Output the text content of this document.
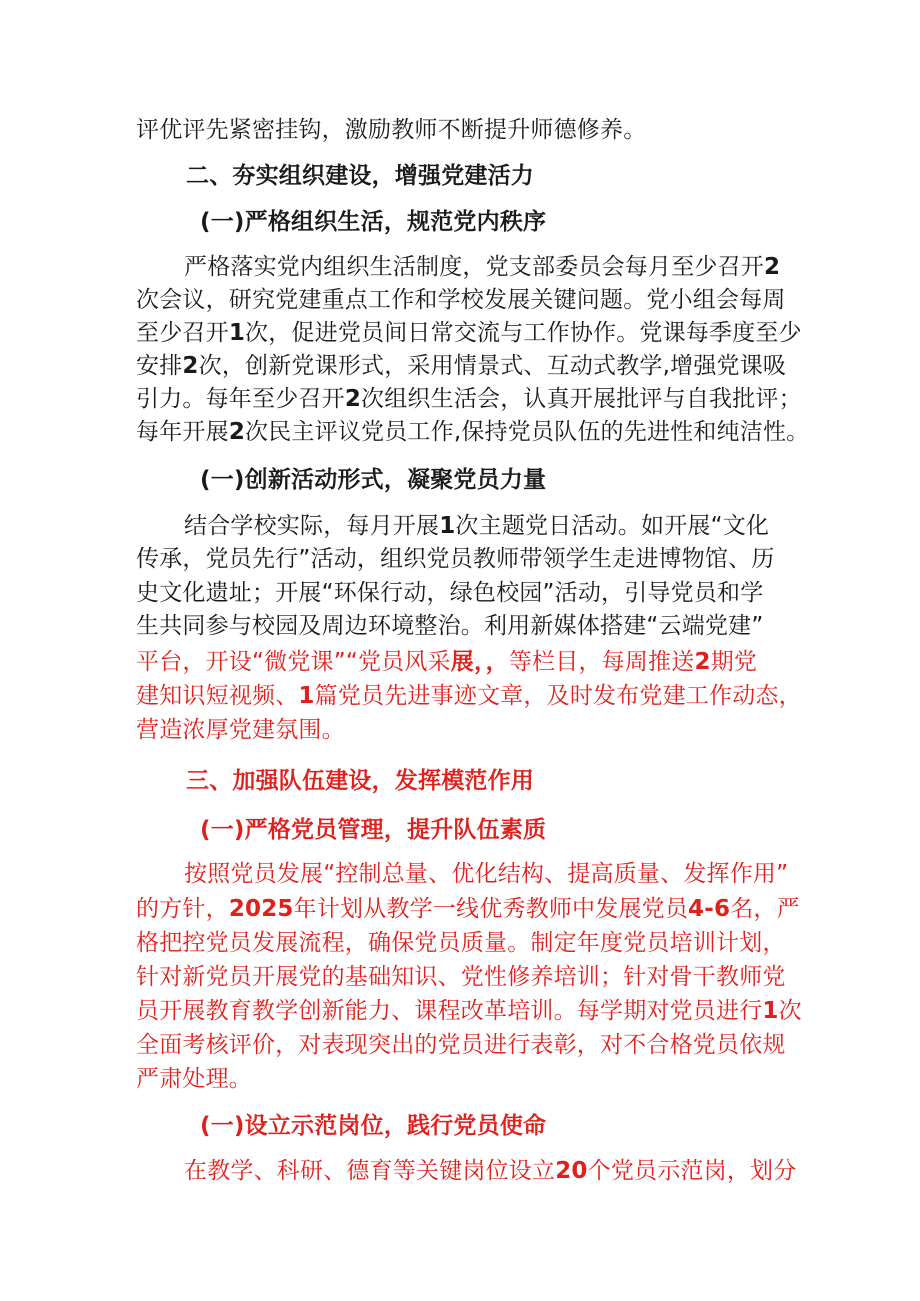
评优评先紧密挂钩，激励教师不断提升师德修养。
二、夯实组织建设，增强党建活力
(一)严格组织生活，规范党内秩序
严格落实党内组织生活制度，党支部委员会每月至少召开2
次会议，研究党建重点工作和学校发展关键问题。党小组会每周
至少召开1次，促进党员间日常交流与工作协作。党课每季度至少
安排2次，创新党课形式，采用情景式、互动式教学,增强党课吸
引力。每年至少召开2次组织生活会，认真开展批评与自我批评；
每年开展2次民主评议党员工作,保持党员队伍的先进性和纯洁性。
(一)创新活动形式，凝聚党员力量
结合学校实际，每月开展1次主题党日活动。如开展“文化
传承，党员先行”活动，组织党员教师带领学生走进博物馆、历
史文化遗址；开展“环保行动，绿色校园”活动，引导党员和学
生共同参与校园及周边环境整治。利用新媒体搭建“云端党建”
平台，开设“微党课”“党员风采展，，等栏目，每周推送2期党
建知识短视频、1篇党员先进事迹文章，及时发布党建工作动态，
营造浓厚党建氛围。
三、加强队伍建设，发挥模范作用
(一)严格党员管理，提升队伍素质
按照党员发展“控制总量、优化结构、提高质量、发挥作用”
的方针，2025年计划从教学一线优秀教师中发展党员4-6名，严
格把控党员发展流程，确保党员质量。制定年度党员培训计划，
针对新党员开展党的基础知识、党性修养培训；针对骨干教师党
员开展教育教学创新能力、课程改革培训。每学期对党员进行1次
全面考核评价，对表现突出的党员进行表彰，对不合格党员依规
严肃处理。
(一)设立示范岗位，践行党员使命
在教学、科研、德育等关键岗位设立20个党员示范岗，划分
